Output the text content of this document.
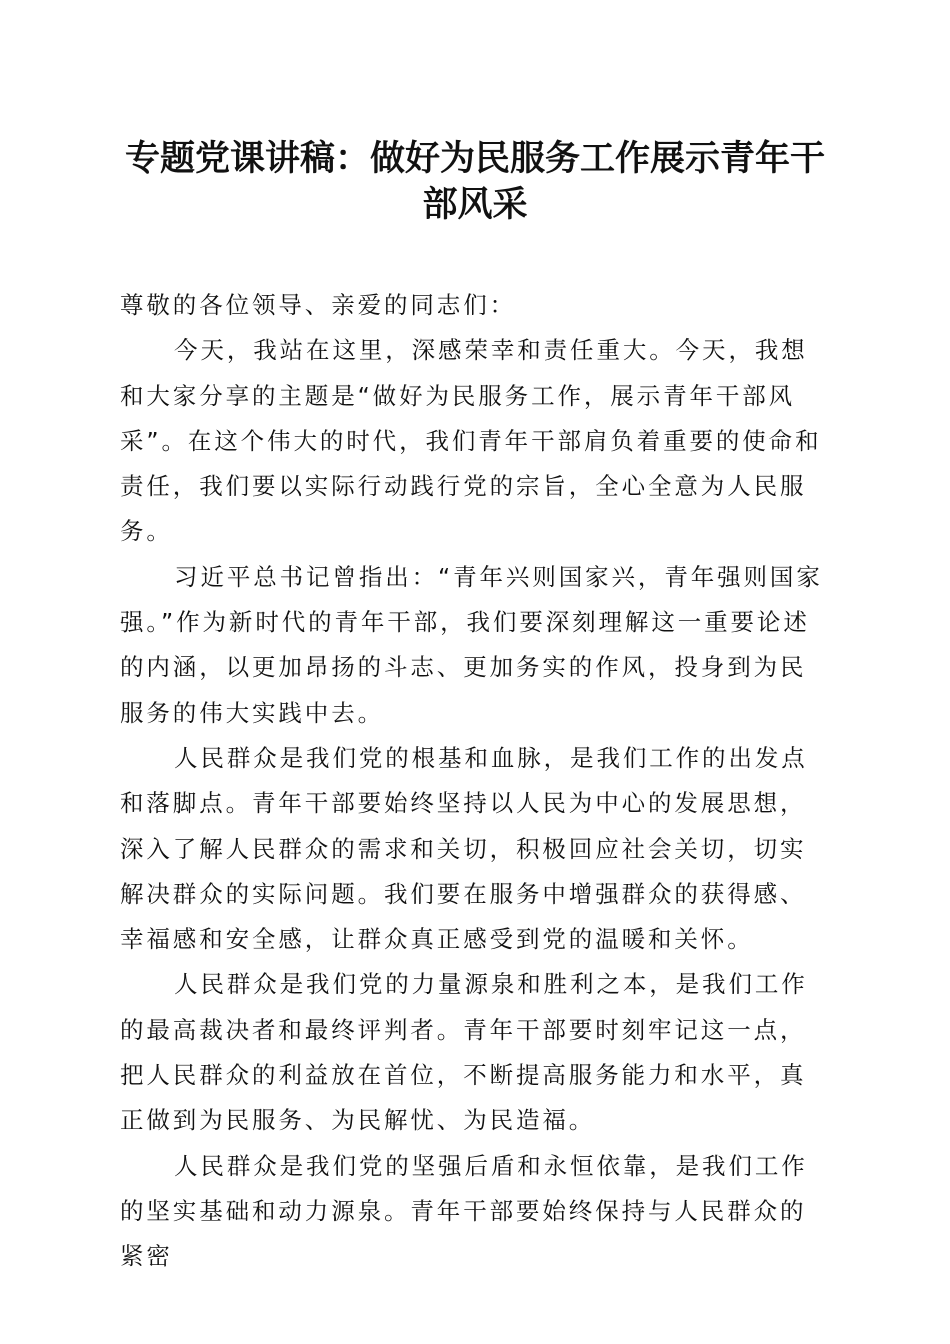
专题党课讲稿：做好为民服务工作展示青年干部风采

尊敬的各位领导、亲爱的同志们：

今天，我站在这里，深感荣幸和责任重大。今天，我想和大家分享的主题是“做好为民服务工作，展示青年干部风采”。在这个伟大的时代，我们青年干部肩负着重要的使命和责任，我们要以实际行动践行党的宗旨，全心全意为人民服务。

习近平总书记曾指出：“青年兴则国家兴，青年强则国家强。”作为新时代的青年干部，我们要深刻理解这一重要论述的内涵，以更加昂扬的斗志、更加务实的作风，投身到为民服务的伟大实践中去。

人民群众是我们党的根基和血脉，是我们工作的出发点和落脚点。青年干部要始终坚持以人民为中心的发展思想，深入了解人民群众的需求和关切，积极回应社会关切，切实解决群众的实际问题。我们要在服务中增强群众的获得感、幸福感和安全感，让群众真正感受到党的温暖和关怀。

人民群众是我们党的力量源泉和胜利之本，是我们工作的最高裁决者和最终评判者。青年干部要时刻牢记这一点，把人民群众的利益放在首位，不断提高服务能力和水平，真正做到为民服务、为民解忧、为民造福。

人民群众是我们党的坚强后盾和永恒依靠，是我们工作的坚实基础和动力源泉。青年干部要始终保持与人民群众的紧密
